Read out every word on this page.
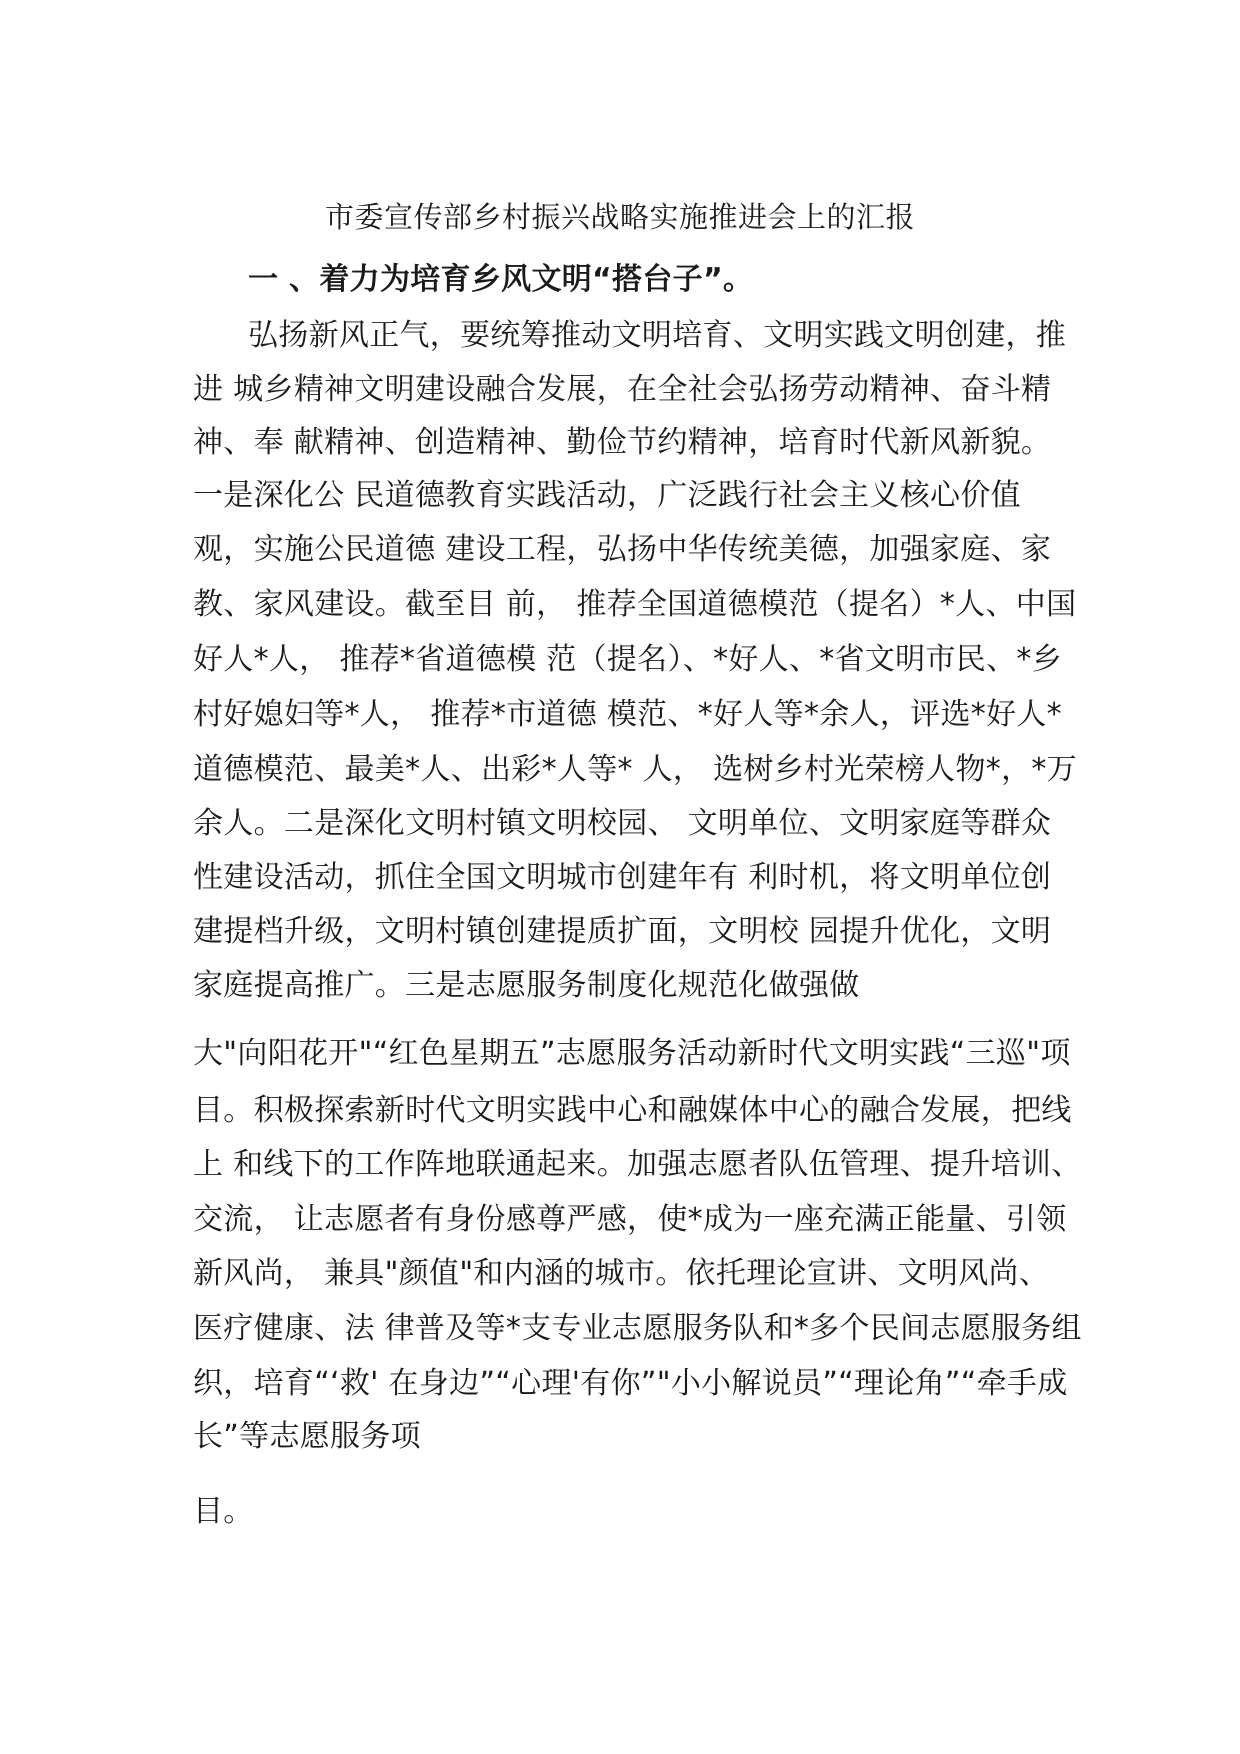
市委宣传部乡村振兴战略实施推进会上的汇报
一 、着力为培育乡风文明“搭台子”。
弘扬新风正气，要统筹推动文明培育、文明实践文明创建，推
进 城乡精神文明建设融合发展，在全社会弘扬劳动精神、奋斗精
神、奉 献精神、创造精神、勤俭节约精神，培育时代新风新貌。
一是深化公 民道德教育实践活动，广泛践行社会主义核心价值
观，实施公民道德 建设工程，弘扬中华传统美德，加强家庭、家
教、家风建设。截至目 前， 推荐全国道德模范（提名）*人、中国
好人*人， 推荐*省道德模 范（提名）、*好人、*省文明市民、*乡
村好媳妇等*人， 推荐*市道德 模范、*好人等*余人，评选*好人*
道德模范、最美*人、出彩*人等* 人， 选树乡村光荣榜人物*，*万
余人。二是深化文明村镇文明校园、 文明单位、文明家庭等群众
性建设活动，抓住全国文明城市创建年有 利时机，将文明单位创
建提档升级，文明村镇创建提质扩面，文明校 园提升优化，文明
家庭提高推广。三是志愿服务制度化规范化做强做
大"向阳花开"“红色星期五”志愿服务活动新时代文明实践“三巡"项
目。积极探索新时代文明实践中心和融媒体中心的融合发展，把线
上 和线下的工作阵地联通起来。加强志愿者队伍管理、提升培训、
交流， 让志愿者有身份感尊严感，使*成为一座充满正能量、引领
新风尚， 兼具"颜值"和内涵的城市。依托理论宣讲、文明风尚、
医疗健康、法 律普及等*支专业志愿服务队和*多个民间志愿服务组
织，培育“‘救' 在身边”“心理'有你”"小小解说员”“理论角”“牵手成
长”等志愿服务项
目。
